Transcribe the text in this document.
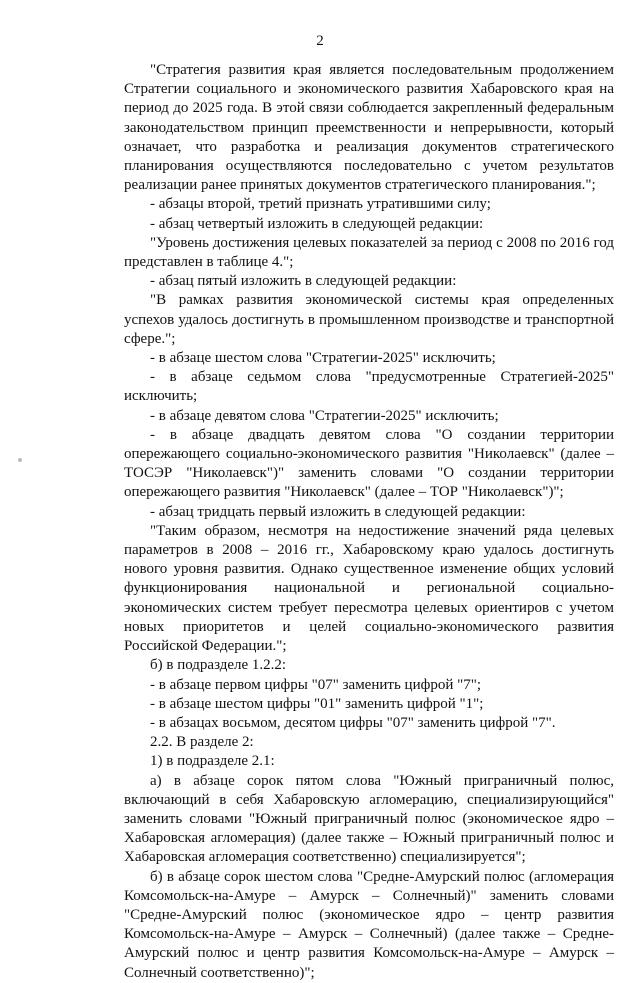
2

"Стратегия развития края является последовательным продолжением Стратегии социального и экономического развития Хабаровского края на период до 2025 года. В этой связи соблюдается закрепленный федеральным законодательством принцип преемственности и непрерывности, который означает, что разработка и реализация документов стратегического планирования осуществляются последовательно с учетом результатов реализации ранее принятых документов стратегического планирования.";

- абзацы второй, третий признать утратившими силу;

- абзац четвертый изложить в следующей редакции:

"Уровень достижения целевых показателей за период с 2008 по 2016 год представлен в таблице 4.";

- абзац пятый изложить в следующей редакции:

"В рамках развития экономической системы края определенных успехов удалось достигнуть в промышленном производстве и транспортной сфере.";

- в абзаце шестом слова "Стратегии-2025" исключить;

- в абзаце седьмом слова "предусмотренные Стратегией-2025" исключить;

- в абзаце девятом слова "Стратегии-2025" исключить;

- в абзаце двадцать девятом слова "О создании территории опережающего социально-экономического развития "Николаевск" (далее – ТОСЭР "Николаевск")" заменить словами "О создании территории опережающего развития "Николаевск" (далее – ТОР "Николаевск")";

- абзац тридцать первый изложить в следующей редакции:

"Таким образом, несмотря на недостижение значений ряда целевых параметров в 2008 – 2016 гг., Хабаровскому краю удалось достигнуть нового уровня развития. Однако существенное изменение общих условий функционирования национальной и региональной социально-экономических систем требует пересмотра целевых ориентиров с учетом новых приоритетов и целей социально-экономического развития Российской Федерации.";

б) в подразделе 1.2.2:

- в абзаце первом цифры "07" заменить цифрой "7";

- в абзаце шестом цифры "01" заменить цифрой "1";

- в абзацах восьмом, десятом цифры "07" заменить цифрой "7".

2.2. В разделе 2:

1) в подразделе 2.1:

а) в абзаце сорок пятом слова "Южный приграничный полюс, включающий в себя Хабаровскую агломерацию, специализирующийся" заменить словами "Южный приграничный полюс (экономическое ядро – Хабаровская агломерация) (далее также – Южный приграничный полюс и Хабаровская агломерация соответственно) специализируется";

б) в абзаце сорок шестом слова "Средне-Амурский полюс (агломерация Комсомольск-на-Амуре – Амурск – Солнечный)" заменить словами "Средне-Амурский полюс (экономическое ядро – центр развития Комсомольск-на-Амуре – Амурск – Солнечный) (далее также – Средне-Амурский полюс и центр развития Комсомольск-на-Амуре – Амурск – Солнечный соответственно)";
